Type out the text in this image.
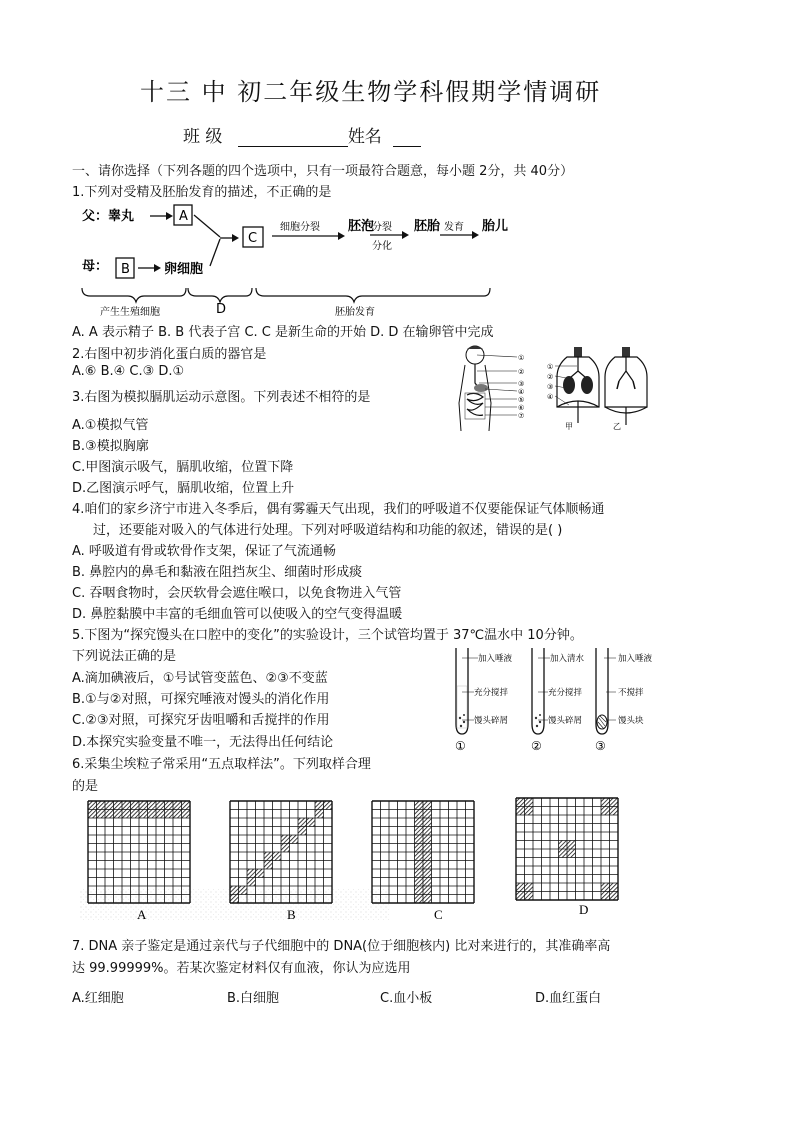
十三 中 初二年级生物学科假期学情调研
班 级	姓名
一、请你选择（下列各题的四个选项中，只有一项最符合题意，每小题 2分，共 40分）
1.下列对受精及胚胎发育的描述，不正确的是
父：睾丸	A
母： B	卵细胞
C
细胞分裂 胚泡
分裂
分化
胚胎 发育 胎儿
产生生殖细胞	D	胚胎发育
A. A 表示精子 B. B 代表子宫 C. C 是新生命的开始 D. D 在输卵管中完成
2.右图中初步消化蛋白质的器官是
A.⑥ B.④ C.③ D.①
①
②
③
④
⑤
⑥
⑦
①
②
③
④
甲	乙
3.右图为模拟膈肌运动示意图。下列表述不相符的是
A.①模拟气管
B.③模拟胸廓
C.甲图演示吸气，膈肌收缩，位置下降
D.乙图演示呼气，膈肌收缩，位置上升
4.咱们的家乡济宁市进入冬季后，偶有雾霾天气出现，我们的呼吸道不仅要能保证气体顺畅通
过，还要能对吸入的气体进行处理。下列对呼吸道结构和功能的叙述，错误的是( )
A. 呼吸道有骨或软骨作支架，保证了气流通畅
B. 鼻腔内的鼻毛和黏液在阻挡灰尘、细菌时形成痰
C. 吞咽食物时，会厌软骨会遮住喉口，以免食物进入气管
D. 鼻腔黏膜中丰富的毛细血管可以使吸入的空气变得温暖
5.下图为“探究馒头在口腔中的变化”的实验设计，三个试管均置于 37℃温水中 10分钟。
下列说法正确的是
A.滴加碘液后，①号试管变蓝色、②③不变蓝
B.①与②对照，可探究唾液对馒头的消化作用
C.②③对照，可探究牙齿咀嚼和舌搅拌的作用
D.本探究实验变量不唯一，无法得出任何结论
加入唾液
充分搅拌
馒头碎屑
①
加入清水
充分搅拌
馒头碎屑
②
加入唾液
不搅拌
馒头块
③
6.采集尘埃粒子常采用“五点取样法”。下列取样合理
的是
A	B	C	D
7. DNA 亲子鉴定是通过亲代与子代细胞中的 DNA(位于细胞核内) 比对来进行的，其准确率高
达 99.99999%。若某次鉴定材料仅有血液，你认为应选用
A.红细胞	B.白细胞	C.血小板	D.血红蛋白
